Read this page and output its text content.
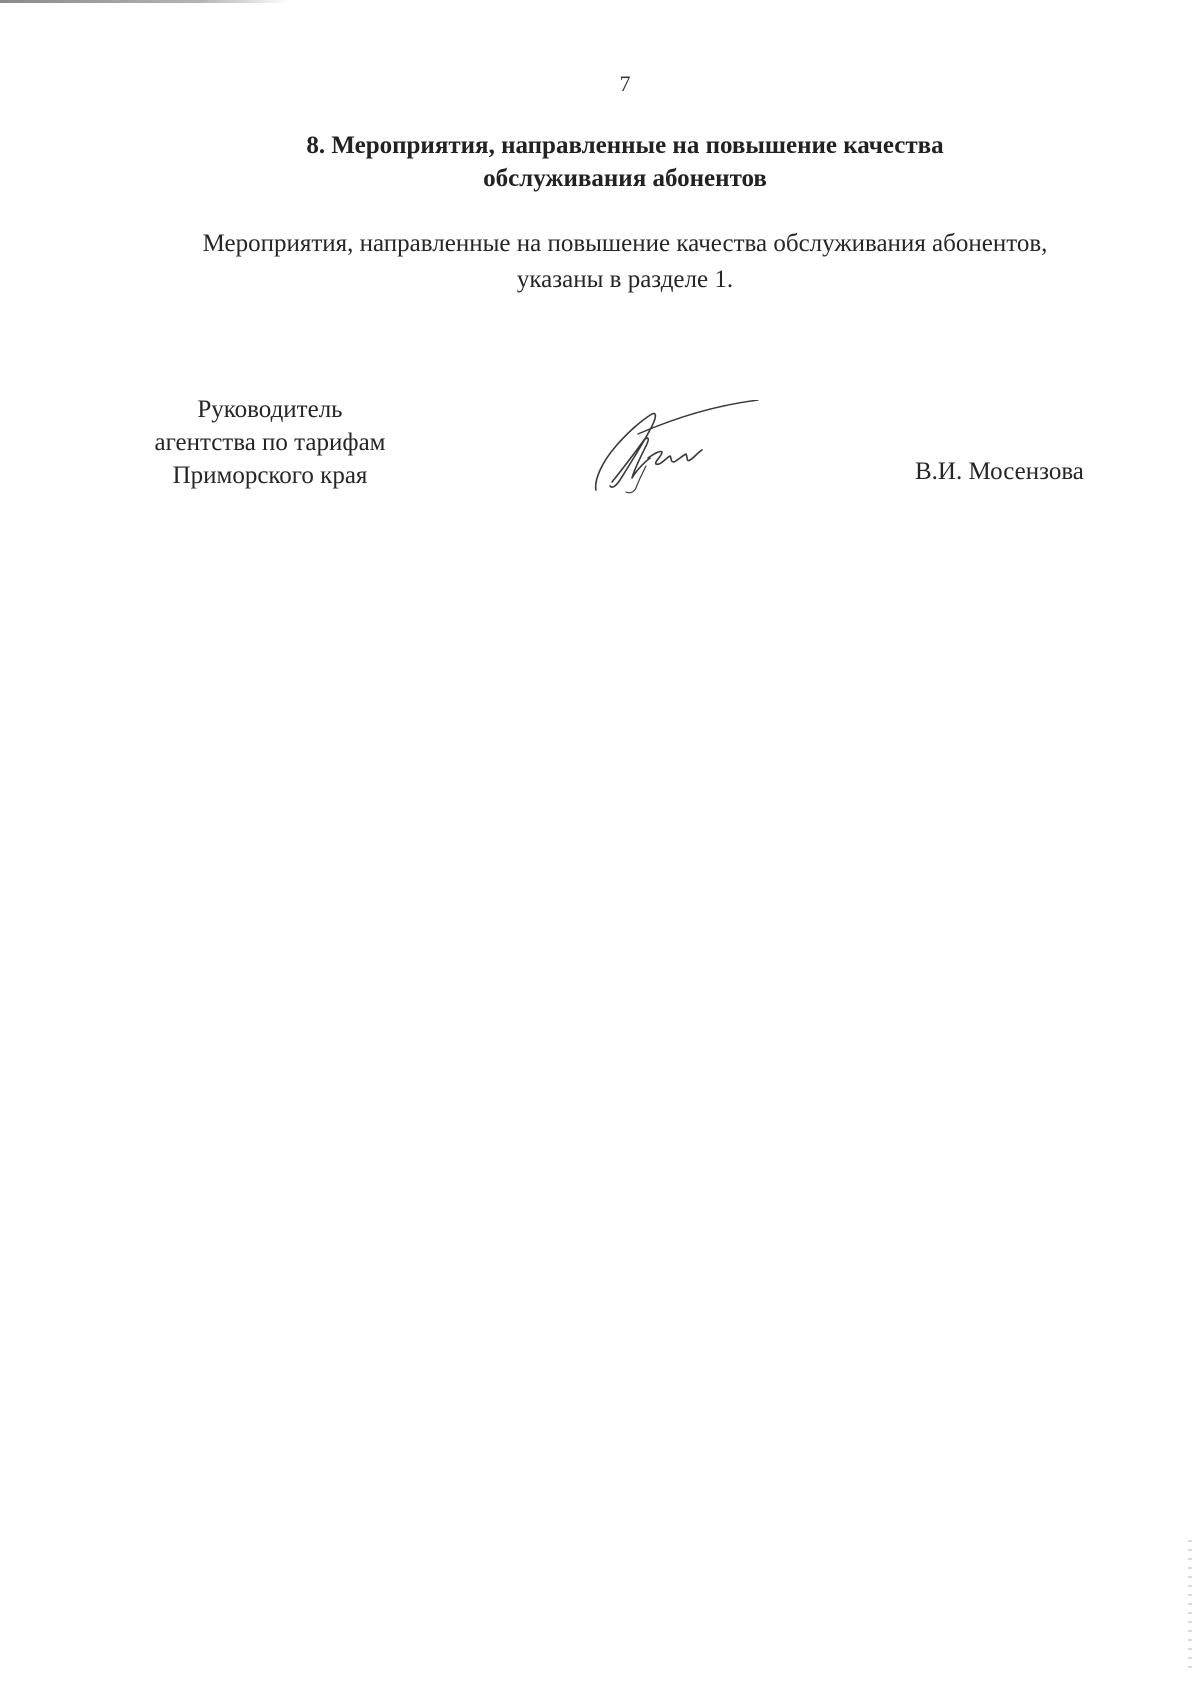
7
8. Мероприятия, направленные на повышение качества
обслуживания абонентов
Мероприятия, направленные на повышение качества обслуживания абонентов,
указаны в разделе 1.
Руководитель
агентства по тарифам
Приморского края	В.И. Мосензова
